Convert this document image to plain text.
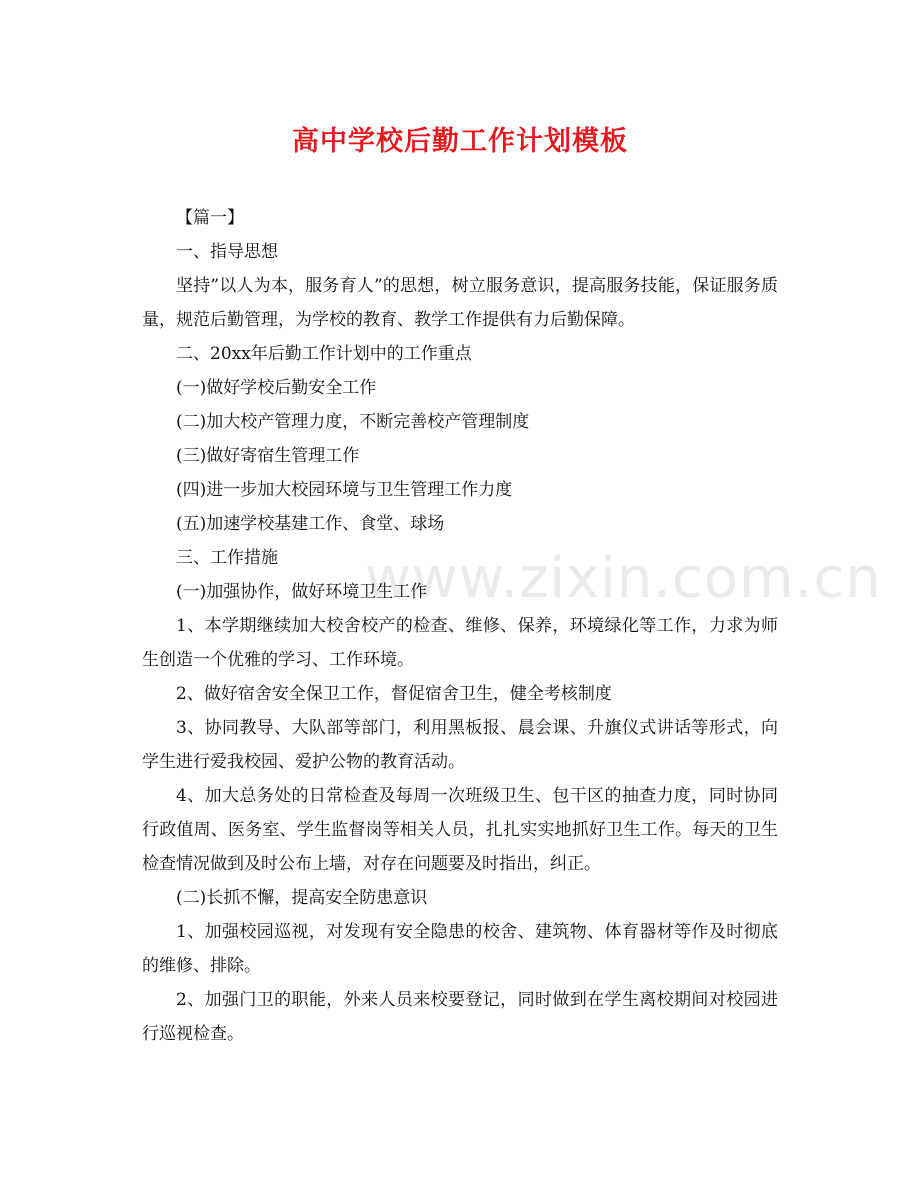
www.zixin.com.cn
高中学校后勤工作计划模板

【篇一】

一、指导思想

坚持”以人为本，服务育人”的思想，树立服务意识，提高服务技能，保证服务质量，规范后勤管理，为学校的教育、教学工作提供有力后勤保障。

二、20xx年后勤工作计划中的工作重点

(一)做好学校后勤安全工作

(二)加大校产管理力度，不断完善校产管理制度

(三)做好寄宿生管理工作

(四)进一步加大校园环境与卫生管理工作力度

(五)加速学校基建工作、食堂、球场

三、工作措施

(一)加强协作，做好环境卫生工作

1、本学期继续加大校舍校产的检查、维修、保养，环境绿化等工作，力求为师生创造一个优雅的学习、工作环境。

2、做好宿舍安全保卫工作，督促宿舍卫生，健全考核制度

3、协同教导、大队部等部门，利用黑板报、晨会课、升旗仪式讲话等形式，向学生进行爱我校园、爱护公物的教育活动。

4、加大总务处的日常检查及每周一次班级卫生、包干区的抽查力度，同时协同行政值周、医务室、学生监督岗等相关人员，扎扎实实地抓好卫生工作。每天的卫生检查情况做到及时公布上墙，对存在问题要及时指出，纠正。

(二)长抓不懈，提高安全防患意识

1、加强校园巡视，对发现有安全隐患的校舍、建筑物、体育器材等作及时彻底的维修、排除。

2、加强门卫的职能，外来人员来校要登记，同时做到在学生离校期间对校园进行巡视检查。
